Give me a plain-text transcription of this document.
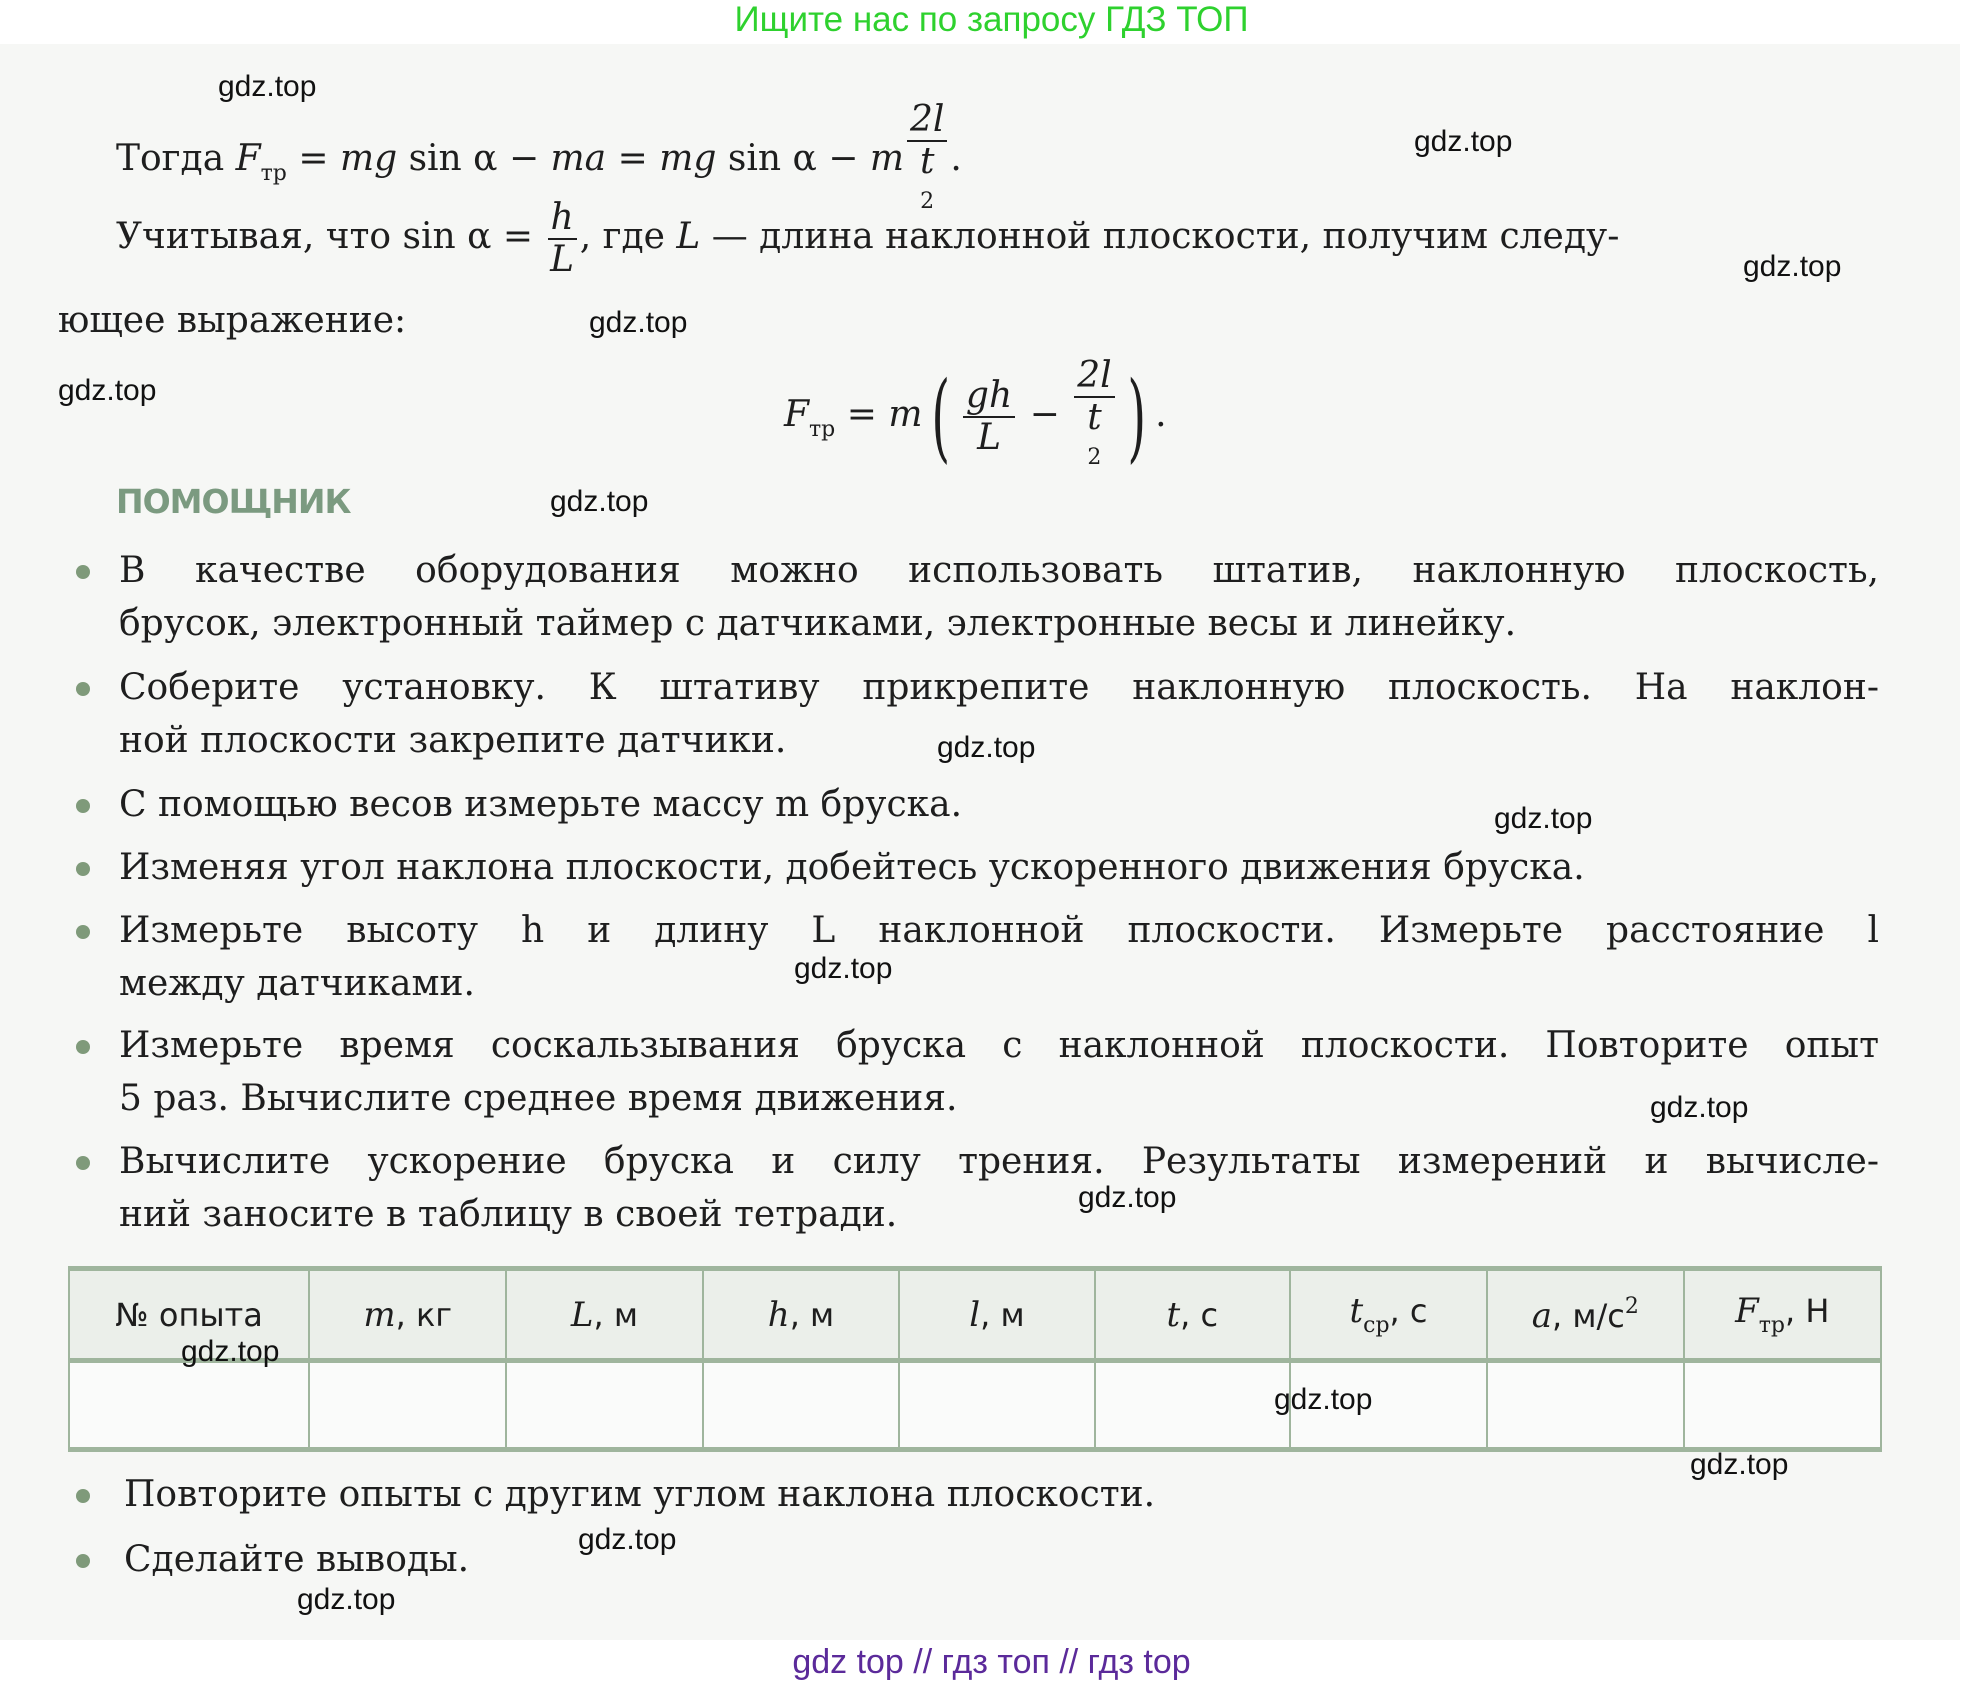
Ищите нас по запросу ГДЗ ТОП
Тогда $F_{тр}$ = mg sin α − ma = mg sin α − m 2l
t
2 .
Учитывая, что $\sin \alpha = \frac{h}{L}$ , где L — длина наклонной плоскости, получим следу-
ющее выражение:
$F_{тр} = m( \frac{gh}{L} - 2l$
t
2 ) .
ПОМОЩНИК
В качестве оборудования можно использовать штатив, наклонную плоскость,
брусок, электронный таймер с датчиками, электронные весы и линейку.
Соберите установку. К штативу прикрепите наклонную плоскость. На наклон-
ной плоскости закрепите датчики.
С помощью весов измерьте массу m бруска.
Изменяя угол наклона плоскости, добейтесь ускоренного движения бруска.
Измерьте высоту h и длину L наклонной плоскости. Измерьте расстояние l
между датчиками.
Измерьте время соскальзывания бруска с наклонной плоскости. Повторите опыт
5 раз. Вычислите среднее время движения.
Вычислите ускорение бруска и силу трения. Результаты измерений и вычисле-
ний заносите в таблицу в своей тетради.
№ опыта	m, кг	L, м	h, м	l, м	t, с	$t_{ср}$, с	a, $м/с^2$	$F_{тр}$, Н

Повторите опыты с другим углом наклона плоскости.
Сделайте выводы.
gdz.top
gdz.top
gdz.top
gdz.top
gdz.top
gdz.top
gdz.top
gdz.top
gdz.top
gdz.top
gdz.top
gdz.top
gdz.top
gdz.top
gdz.top
gdz.top
gdz top // гдз топ // гдз top
